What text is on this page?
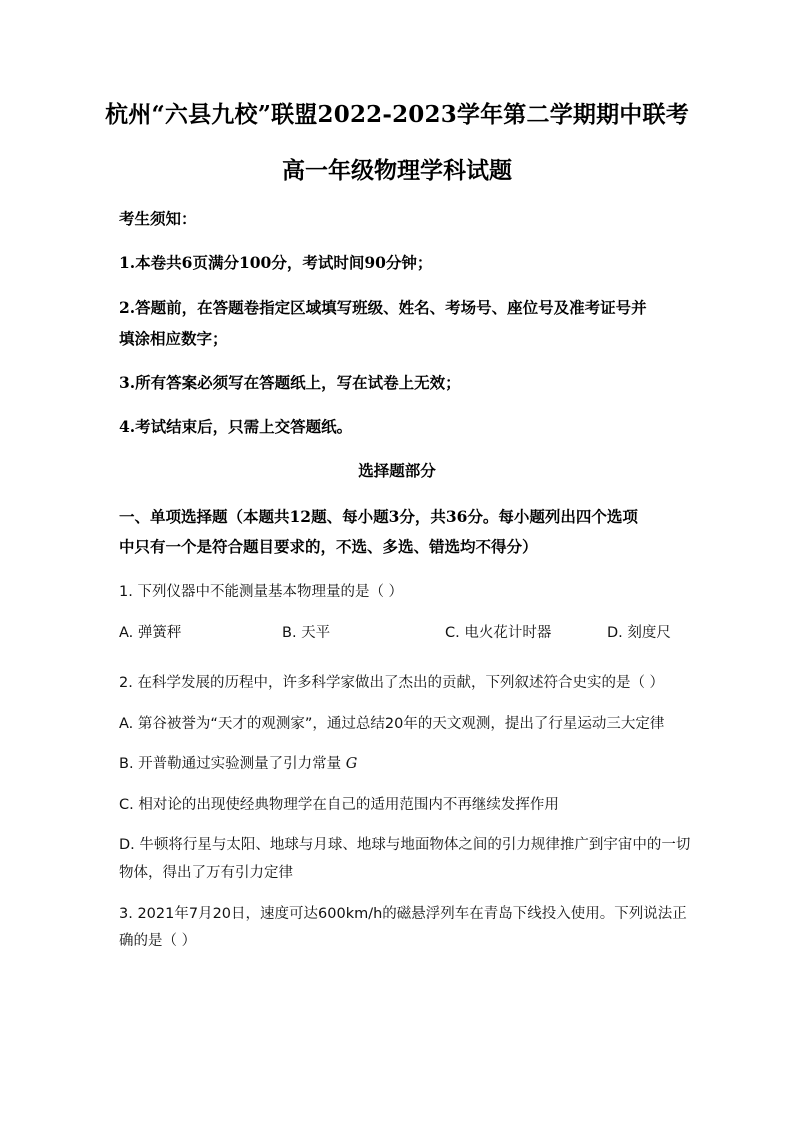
杭州“六县九校”联盟2022-2023学年第二学期期中联考
高一年级物理学科试题
考生须知：
1.本卷共6页满分100分，考试时间90分钟；
2.答题前，在答题卷指定区域填写班级、姓名、考场号、座位号及准考证号并
填涂相应数字；
3.所有答案必须写在答题纸上，写在试卷上无效；
4.考试结束后，只需上交答题纸。
选择题部分
一、单项选择题（本题共12题、每小题3分，共36分。每小题列出四个选项
中只有一个是符合题目要求的，不选、多选、错选均不得分）
1. 下列仪器中不能测量基本物理量的是（ ）
A. 弹簧秤	B. 天平	C. 电火花计时器	D. 刻度尺
2. 在科学发展的历程中，许多科学家做出了杰出的贡献，下列叙述符合史实的是（ ）
A. 第谷被誉为“天才的观测家”，通过总结20年的天文观测，提出了行星运动三大定律
B. 开普勒通过实验测量了引力常量 G
C. 相对论的出现使经典物理学在自己的适用范围内不再继续发挥作用
D. 牛顿将行星与太阳、地球与月球、地球与地面物体之间的引力规律推广到宇宙中的一切
物体，得出了万有引力定律
3. 2021年7月20日，速度可达600km/h的磁悬浮列车在青岛下线投入使用。下列说法正
确的是（ ）
